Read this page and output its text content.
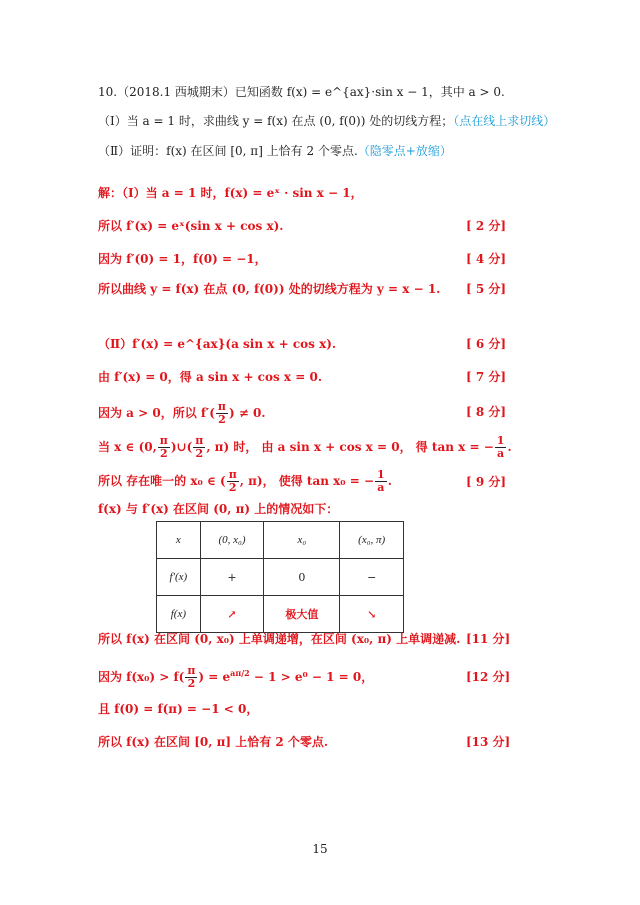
10.（2018.1 西城期末）已知函数 f(x) = e^{ax}·sin x − 1，其中 a > 0.
（Ⅰ）当 a = 1 时，求曲线 y = f(x) 在点 (0, f(0)) 处的切线方程；（点在线上求切线）
（Ⅱ）证明：f(x) 在区间 [0, π] 上恰有 2 个零点.（隐零点+放缩）
解：（Ⅰ）当 a = 1 时，f(x) = eˣ · sin x − 1，
所以 f′(x) = eˣ(sin x + cos x).	[ 2 分]
因为 f′(0) = 1，f(0) = −1，	[ 4 分]
所以曲线 y = f(x) 在点 (0, f(0)) 处的切线方程为 y = x − 1. [ 5 分]
（Ⅱ）f′(x) = e^{ax}(a sin x + cos x).	[ 6 分]
由 f′(x) = 0，得 a sin x + cos x = 0.	[ 7 分]
因为 a > 0，所以 $f'( \frac{\pi}{2}$ ) ≠ 0.	[ 8 分]
当 x ∈ (0, $\frac{\pi}{2}$ )∪( $\frac{\pi}{2}$ , π) 时， 由 a sin x + cos x = 0， 得 tan x = − $\frac{1}{a}$ .
所以 存在唯一的 x₀ ∈ ( $\frac{\pi}{2}$ , π)， 使得 tan x₀ = − $\frac{1}{a}$ .	[ 9 分]
f(x) 与 f′(x) 在区间 (0, π) 上的情况如下：
x	(0, x₀)	x₀	(x₀, π)
f′(x)	+	0	−
f(x)	↗	极大值	↘
所以 f(x) 在区间 (0, x₀) 上单调递增，在区间 (x₀, π) 上单调递减. [11 分]
因为 $f(x_0) > f( \frac{\pi}{2}$ ) = $e^{a\pi/2} - 1 > e^0 - 1 = 0$，	[12 分]
且 f(0) = f(π) = −1 < 0，
所以 f(x) 在区间 [0, π] 上恰有 2 个零点.	[13 分]
15
